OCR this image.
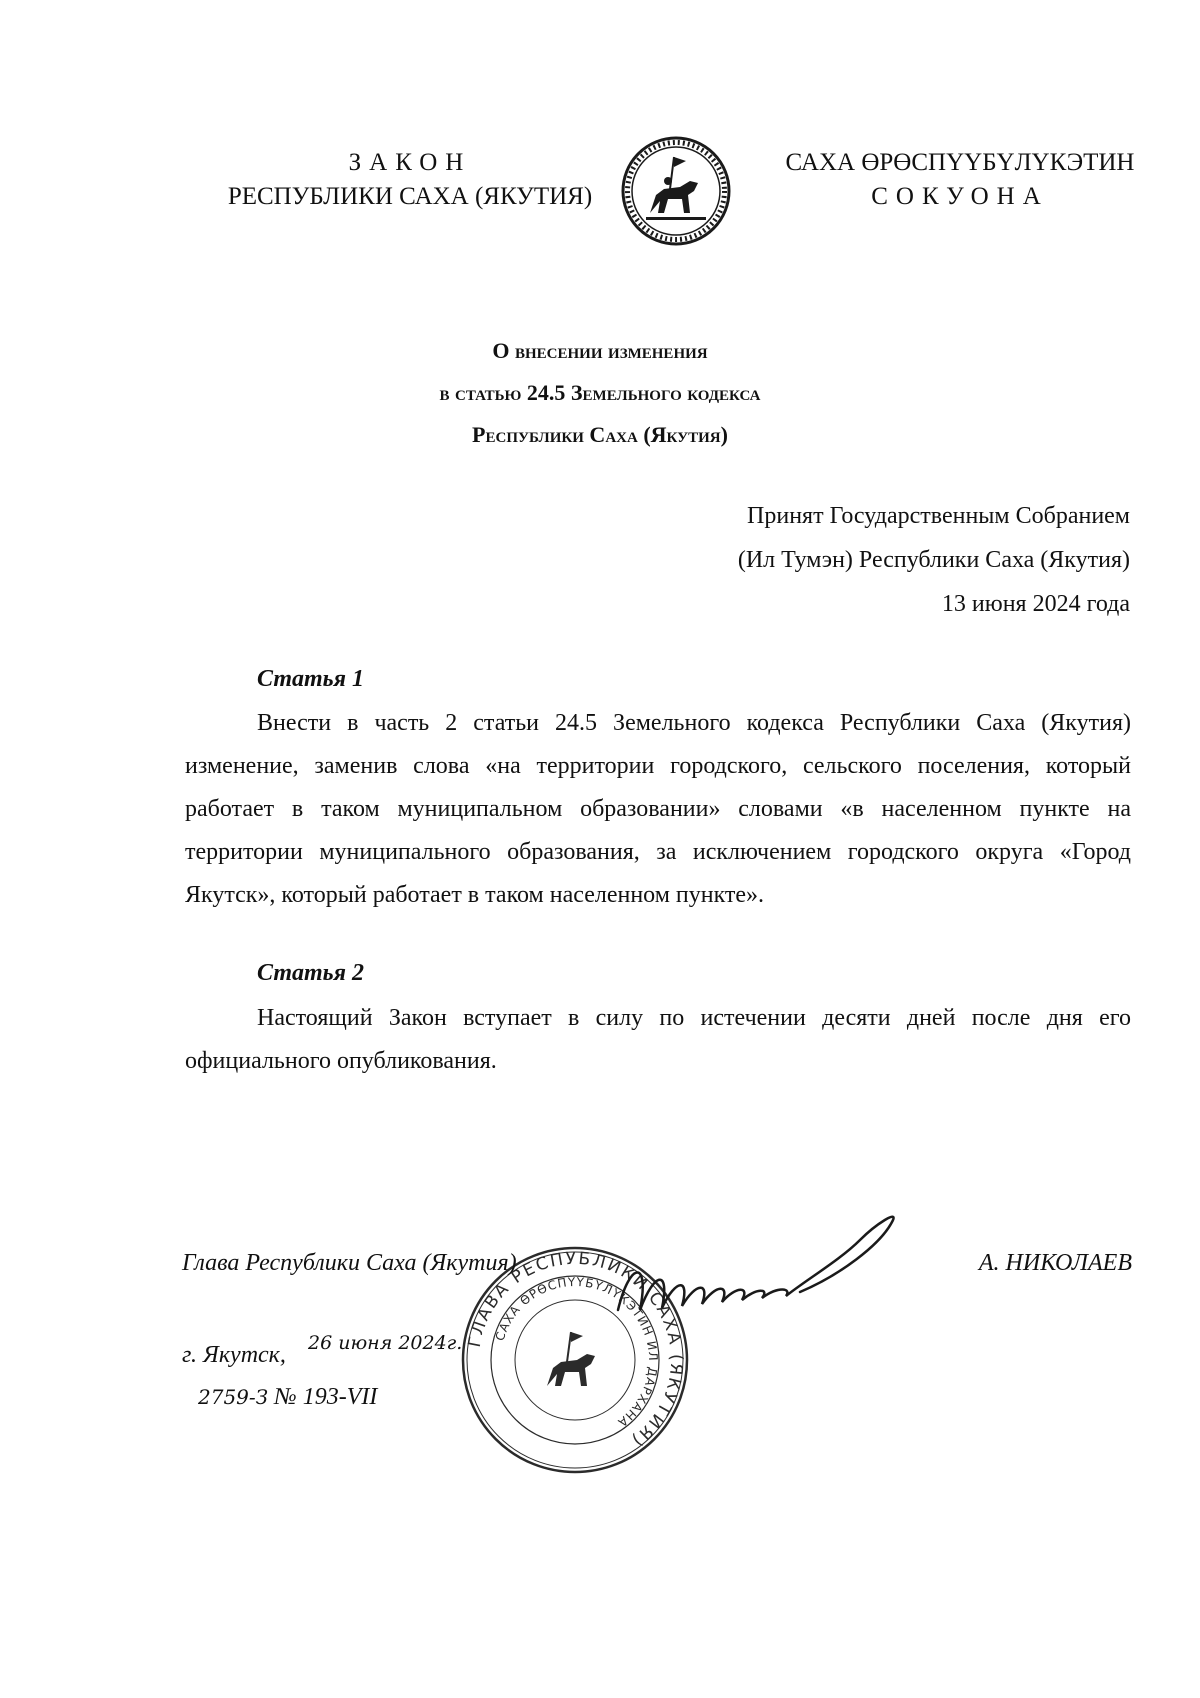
ЗАКОН
РЕСПУБЛИКИ САХА (ЯКУТИЯ)
САХА ӨРӨСПҮҮБҮЛҮКЭТИН
СОКУОНА
О внесении изменения
в статью 24.5 Земельного кодекса
Республики Саха (Якутия)
Принят Государственным Собранием
(Ил Тумэн) Республики Саха (Якутия)
13 июня 2024 года
Статья 1

Внести в часть 2 статьи 24.5 Земельного кодекса Республики Саха (Якутия) изменение, заменив слова «на территории городского, сельского поселения, который работает в таком муниципальном образовании» словами «в населенном пункте на территории муниципального образования, за исключением городского округа «Город Якутск», который работает в таком населенном пункте».

Статья 2

Настоящий Закон вступает в силу по истечении десяти дней после дня его официального опубликования.

ГЛАВА РЕСПУБЛИКИ САХА (ЯКУТИЯ)
САХА ӨРӨСПҮҮБҮЛҮКЭТИН ИЛ ДАРХАНА
Глава Республики Саха (Якутия)	А. НИКОЛАЕВ
г. Якутск, 26 июня 2024г.
2759-З № 193-VII
